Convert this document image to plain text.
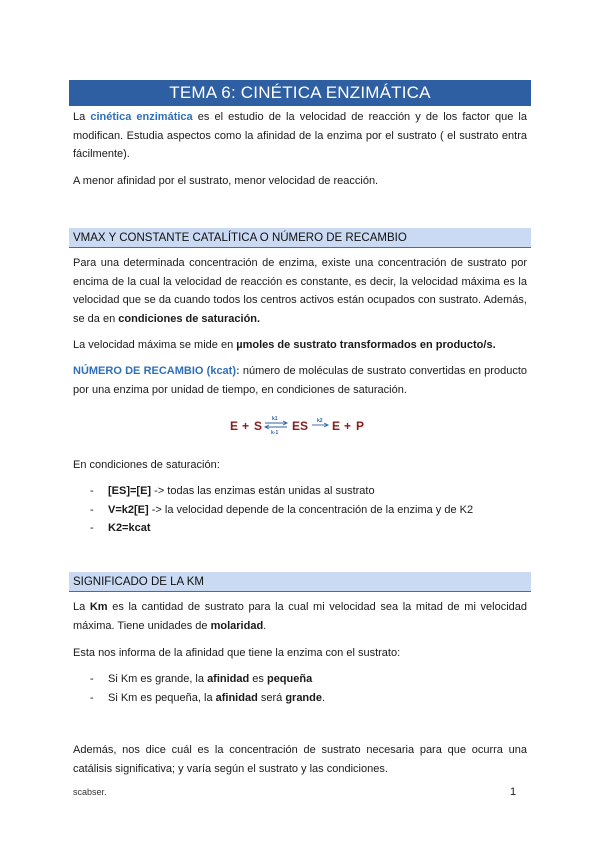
TEMA 6: CINÉTICA ENZIMÁTICA

La cinética enzimática es el estudio de la velocidad de reacción y de los factor que la modifican. Estudia aspectos como la afinidad de la enzima por el sustrato ( el sustrato entra fácilmente).

A menor afinidad por el sustrato, menor velocidad de reacción.

VMAX Y CONSTANTE CATALÍTICA O NÚMERO DE RECAMBIO

Para una determinada concentración de enzima, existe una concentración de sustrato por encima de la cual la velocidad de reacción es constante, es decir, la velocidad máxima es la velocidad que se da cuando todos los centros activos están ocupados con sustrato. Además, se da en condiciones de saturación.

La velocidad máxima se mide en µmoles de sustrato transformados en producto/s.

NÚMERO DE RECAMBIO (kcat): número de moléculas de sustrato convertidas en producto por una enzima por unidad de tiempo, en condiciones de saturación.

E + S k1
k-1 ES k2 E + P

En condiciones de saturación:

- [ES]=[E] -> todas las enzimas están unidas al sustrato
- V=k2[E] -> la velocidad depende de la concentración de la enzima y de K2
- K2=kcat
SIGNIFICADO DE LA KM

La Km es la cantidad de sustrato para la cual mi velocidad sea la mitad de mi velocidad máxima. Tiene unidades de molaridad.

Esta nos informa de la afinidad que tiene la enzima con el sustrato:

- Si Km es grande, la afinidad es pequeña
- Si Km es pequeña, la afinidad será grande.

Además, nos dice cuál es la concentración de sustrato necesaria para que ocurra una catálisis significativa; y varía según el sustrato y las condiciones.

scabser.	1
